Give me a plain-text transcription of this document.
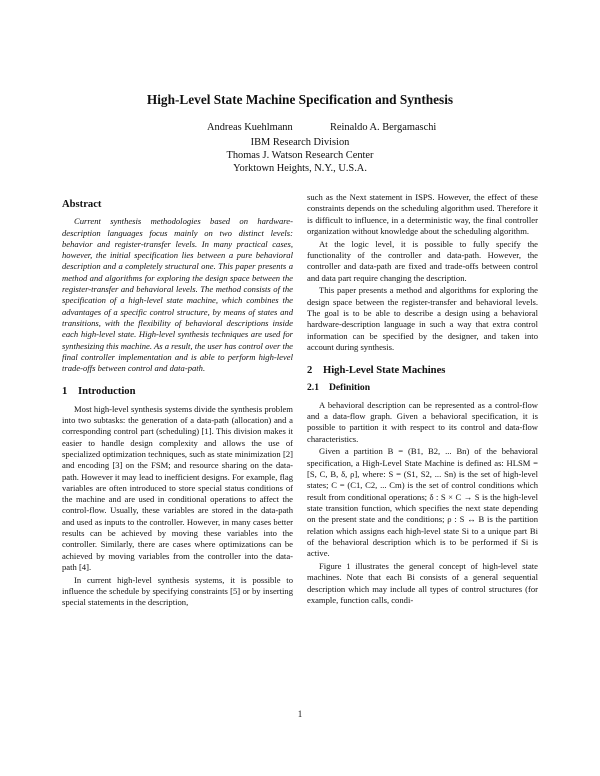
High-Level State Machine Specification and Synthesis
Andreas Kuehlmann	Reinaldo A. Bergamaschi
IBM Research Division
Thomas J. Watson Research Center
Yorktown Heights, N.Y., U.S.A.
Abstract

Current synthesis methodologies based on hardware-description languages focus mainly on two distinct levels: behavior and register-transfer levels. In many practical cases, however, the initial specification lies between a pure behavioral description and a completely structural one. This paper presents a method and algorithms for exploring the design space between the register-transfer and behavioral levels. The method consists of the specification of a high-level state machine, which combines the advantages of a specific control structure, by means of states and transitions, with the flexibility of behavioral descriptions inside each high-level state. High-level synthesis techniques are used for synthesizing this machine. As a result, the user has control over the final controller implementation and is able to perform high-level trade-offs between control and data-path.

1 Introduction

Most high-level synthesis systems divide the synthesis problem into two subtasks: the generation of a data-path (allocation) and a corresponding control part (scheduling) [1]. This division makes it easier to handle design complexity and allows the use of specialized optimization techniques, such as state minimization [2] and encoding [3] on the FSM; and resource sharing on the data-path. However it may lead to inefficient designs. For example, flag variables are often introduced to store special status conditions of the machine and are used in conditional operations to affect the control-flow. Usually, these variables are stored in the data-path and used as inputs to the controller. However, in many cases better results can be achieved by moving these variables into the controller. Similarly, there are cases where optimizations can be achieved by moving variables from the controller into the data-path [4].

In current high-level synthesis systems, it is possible to influence the schedule by specifying constraints [5] or by inserting special statements in the description,

such as the Next statement in ISPS. However, the effect of these constraints depends on the scheduling algorithm used. Therefore it is difficult to influence, in a deterministic way, the final controller organization without knowledge about the scheduling algorithm.

At the logic level, it is possible to fully specify the functionality of the controller and data-path. However, the controller and data-path are fixed and trade-offs between control and data part require changing the description.

This paper presents a method and algorithms for exploring the design space between the register-transfer and behavioral levels. The goal is to be able to describe a design using a behavioral hardware-description language in such a way that extra control information can be specified by the designer, and taken into account during synthesis.

2 High-Level State Machines
2.1 Definition

A behavioral description can be represented as a control-flow and a data-flow graph. Given a behavioral specification, it is possible to partition it with respect to its control and data-flow characteristics.

Given a partition B = (B1, B2, ... Bn) of the behavioral specification, a High-Level State Machine is defined as: HLSM = [S, C, B, δ, ρ], where: S = (S1, S2, ... Sn) is the set of high-level states; C = (C1, C2, ... Cm) is the set of control conditions which result from conditional operations; δ : S × C → S is the high-level state transition function, which specifies the next state depending on the present state and the conditions; ρ : S ↔ B is the partition relation which assigns each high-level state Si to a unique part Bi of the behavioral description which is to be performed if Si is active.

Figure 1 illustrates the general concept of high-level state machines. Note that each Bi consists of a general sequential description which may include all types of control structures (for example, function calls, condi-

1
